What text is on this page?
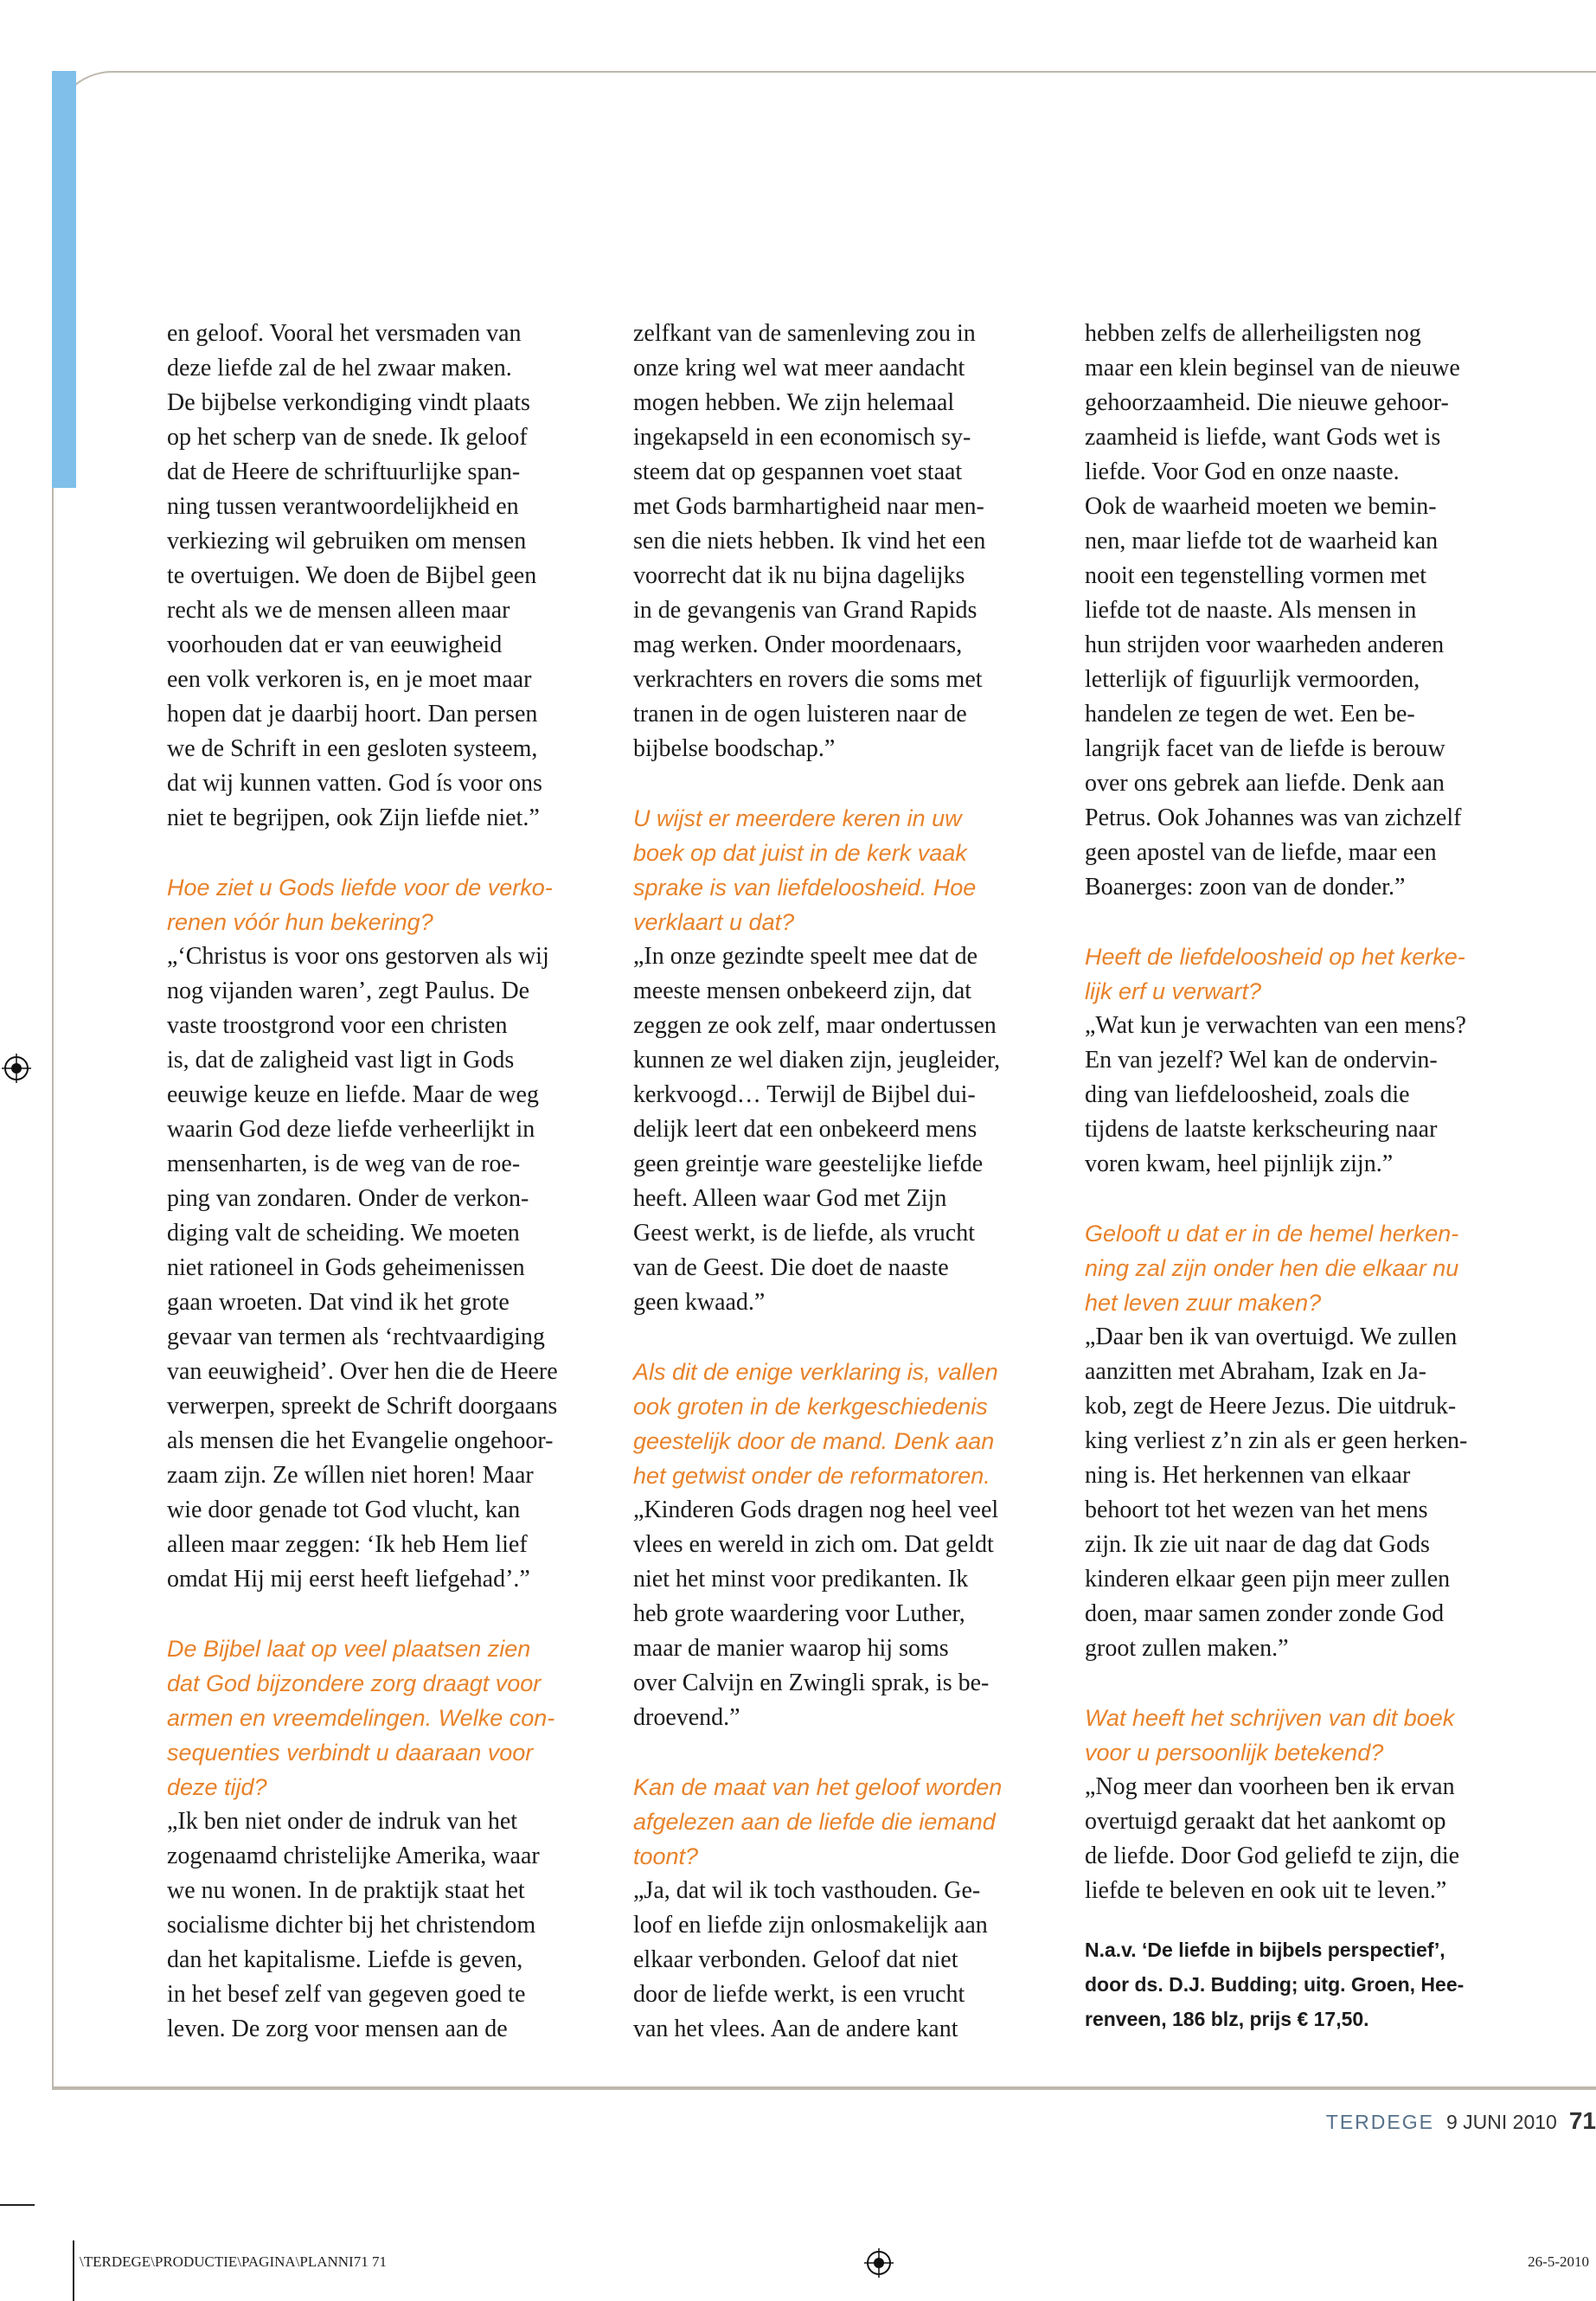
en geloof. Vooral het versmaden van
deze liefde zal de hel zwaar maken.
De bijbelse verkondiging vindt plaats
op het scherp van de snede. Ik geloof
dat de Heere de schriftuurlijke span-
ning tussen verantwoordelijkheid en
verkiezing wil gebruiken om mensen
te overtuigen. We doen de Bijbel geen
recht als we de mensen alleen maar
voorhouden dat er van eeuwigheid
een volk verkoren is, en je moet maar
hopen dat je daarbij hoort. Dan persen
we de Schrift in een gesloten systeem,
dat wij kunnen vatten. God ís voor ons
niet te begrijpen, ook Zijn liefde niet.”

Hoe ziet u Gods liefde voor de verko-
renen vóór hun bekering?

„‘Christus is voor ons gestorven als wij
nog vijanden waren’, zegt Paulus. De
vaste troostgrond voor een christen
is, dat de zaligheid vast ligt in Gods
eeuwige keuze en liefde. Maar de weg
waarin God deze liefde verheerlijkt in
mensenharten, is de weg van de roe-
ping van zondaren. Onder de verkon-
diging valt de scheiding. We moeten
niet rationeel in Gods geheimenissen
gaan wroeten. Dat vind ik het grote
gevaar van termen als ‘rechtvaardiging
van eeuwigheid’. Over hen die de Heere
verwerpen, spreekt de Schrift doorgaans
als mensen die het Evangelie ongehoor-
zaam zijn. Ze wíllen niet horen! Maar
wie door genade tot God vlucht, kan
alleen maar zeggen: ‘Ik heb Hem lief
omdat Hij mij eerst heeft liefgehad’.”

De Bijbel laat op veel plaatsen zien
dat God bijzondere zorg draagt voor
armen en vreemdelingen. Welke con-
sequenties verbindt u daaraan voor
deze tijd?

„Ik ben niet onder de indruk van het
zogenaamd christelijke Amerika, waar
we nu wonen. In de praktijk staat het
socialisme dichter bij het christendom
dan het kapitalisme. Liefde is geven,
in het besef zelf van gegeven goed te
leven. De zorg voor mensen aan de

zelfkant van de samenleving zou in
onze kring wel wat meer aandacht
mogen hebben. We zijn helemaal
ingekapseld in een economisch sy-
steem dat op gespannen voet staat
met Gods barmhartigheid naar men-
sen die niets hebben. Ik vind het een
voorrecht dat ik nu bijna dagelijks
in de gevangenis van Grand Rapids
mag werken. Onder moordenaars,
verkrachters en rovers die soms met
tranen in de ogen luisteren naar de
bijbelse boodschap.”

U wijst er meerdere keren in uw
boek op dat juist in de kerk vaak
sprake is van liefdeloosheid. Hoe
verklaart u dat?

„In onze gezindte speelt mee dat de
meeste mensen onbekeerd zijn, dat
zeggen ze ook zelf, maar ondertussen
kunnen ze wel diaken zijn, jeugleider,
kerkvoogd… Terwijl de Bijbel dui-
delijk leert dat een onbekeerd mens
geen greintje ware geestelijke liefde
heeft. Alleen waar God met Zijn
Geest werkt, is de liefde, als vrucht
van de Geest. Die doet de naaste
geen kwaad.”

Als dit de enige verklaring is, vallen
ook groten in de kerkgeschiedenis
geestelijk door de mand. Denk aan
het getwist onder de reformatoren.

„Kinderen Gods dragen nog heel veel
vlees en wereld in zich om. Dat geldt
niet het minst voor predikanten. Ik
heb grote waardering voor Luther,
maar de manier waarop hij soms
over Calvijn en Zwingli sprak, is be-
droevend.”

Kan de maat van het geloof worden
afgelezen aan de liefde die iemand
toont?

„Ja, dat wil ik toch vasthouden. Ge-
loof en liefde zijn onlosmakelijk aan
elkaar verbonden. Geloof dat niet
door de liefde werkt, is een vrucht
van het vlees. Aan de andere kant

hebben zelfs de allerheiligsten nog
maar een klein beginsel van de nieuwe
gehoorzaamheid. Die nieuwe gehoor-
zaamheid is liefde, want Gods wet is
liefde. Voor God en onze naaste.
Ook de waarheid moeten we bemin-
nen, maar liefde tot de waarheid kan
nooit een tegenstelling vormen met
liefde tot de naaste. Als mensen in
hun strijden voor waarheden anderen
letterlijk of figuurlijk vermoorden,
handelen ze tegen de wet. Een be-
langrijk facet van de liefde is berouw
over ons gebrek aan liefde. Denk aan
Petrus. Ook Johannes was van zichzelf
geen apostel van de liefde, maar een
Boanerges: zoon van de donder.”

Heeft de liefdeloosheid op het kerke-
lijk erf u verwart?

„Wat kun je verwachten van een mens?
En van jezelf? Wel kan de ondervin-
ding van liefdeloosheid, zoals die
tijdens de laatste kerkscheuring naar
voren kwam, heel pijnlijk zijn.”

Gelooft u dat er in de hemel herken-
ning zal zijn onder hen die elkaar nu
het leven zuur maken?

„Daar ben ik van overtuigd. We zullen
aanzitten met Abraham, Izak en Ja-
kob, zegt de Heere Jezus. Die uitdruk-
king verliest z’n zin als er geen herken-
ning is. Het herkennen van elkaar
behoort tot het wezen van het mens
zijn. Ik zie uit naar de dag dat Gods
kinderen elkaar geen pijn meer zullen
doen, maar samen zonder zonde God
groot zullen maken.”

Wat heeft het schrijven van dit boek
voor u persoonlijk betekend?

„Nog meer dan voorheen ben ik ervan
overtuigd geraakt dat het aankomt op
de liefde. Door God geliefd te zijn, die
liefde te beleven en ook uit te leven.”

N.a.v. ‘De liefde in bijbels perspectief’,
door ds. D.J. Budding; uitg. Groen, Hee-
renveen, 186 blz, prijs € 17,50.
TERDEGE 9 JUNI 2010 71
\TERDEGE\PRODUCTIE\PAGINA\PLANNI71 71	26-5-2010
